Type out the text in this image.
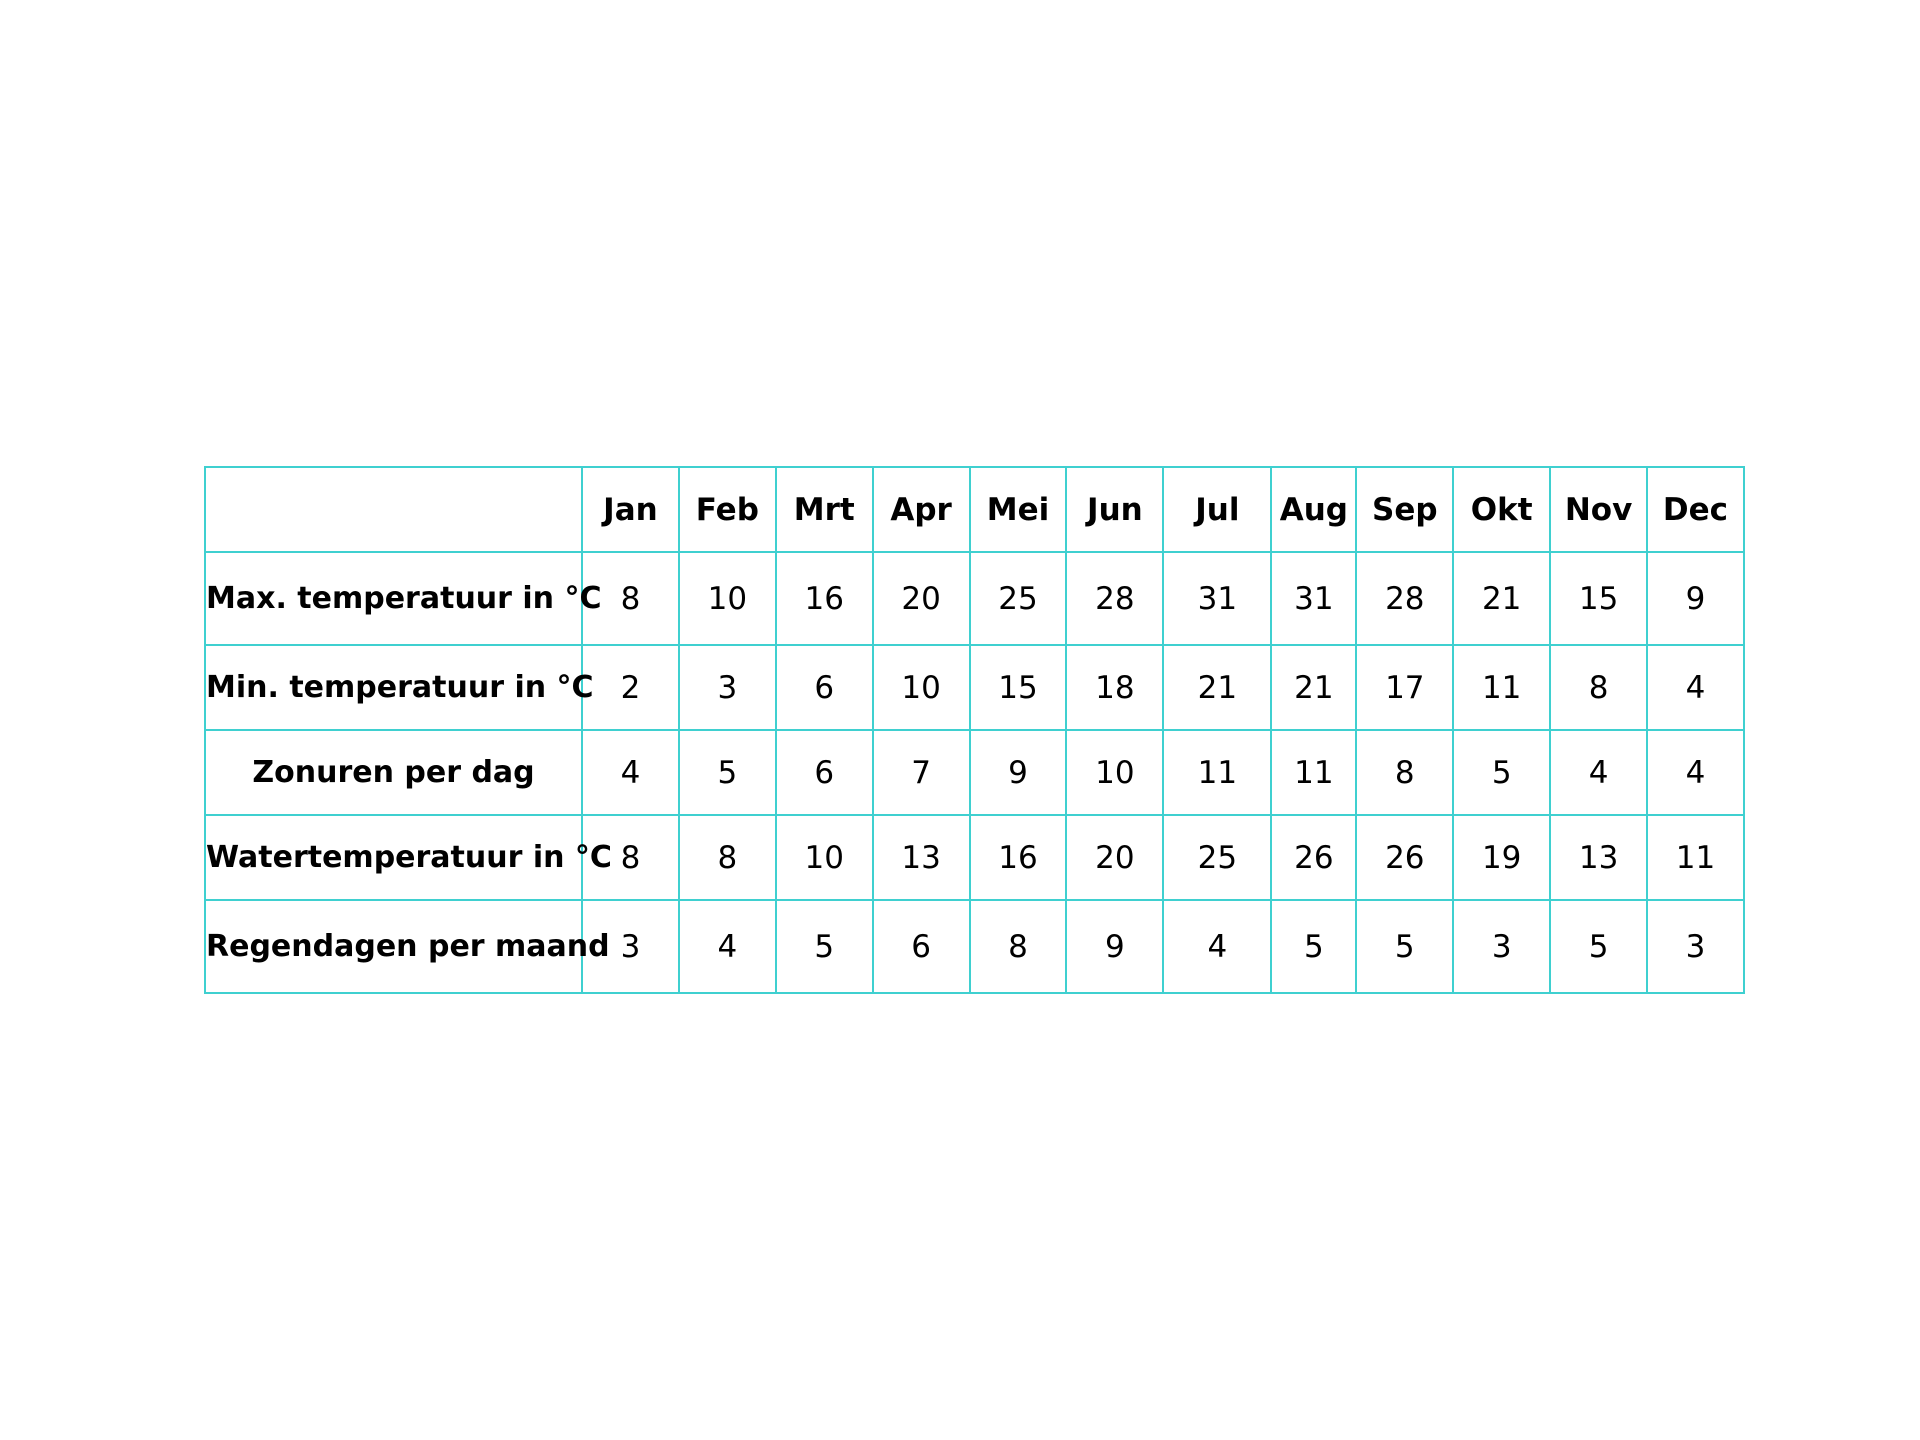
	Jan	Feb	Mrt	Apr	Mei	Jun	Jul	Aug	Sep	Okt	Nov	Dec
Max. temperatuur in °C	8	10	16	20	25	28	31	31	28	21	15	9
Min. temperatuur in °C	2	3	6	10	15	18	21	21	17	11	8	4
Zonuren per dag	4	5	6	7	9	10	11	11	8	5	4	4
Watertemperatuur in °C	8	8	10	13	16	20	25	26	26	19	13	11
Regendagen per maand	3	4	5	6	8	9	4	5	5	3	5	3
